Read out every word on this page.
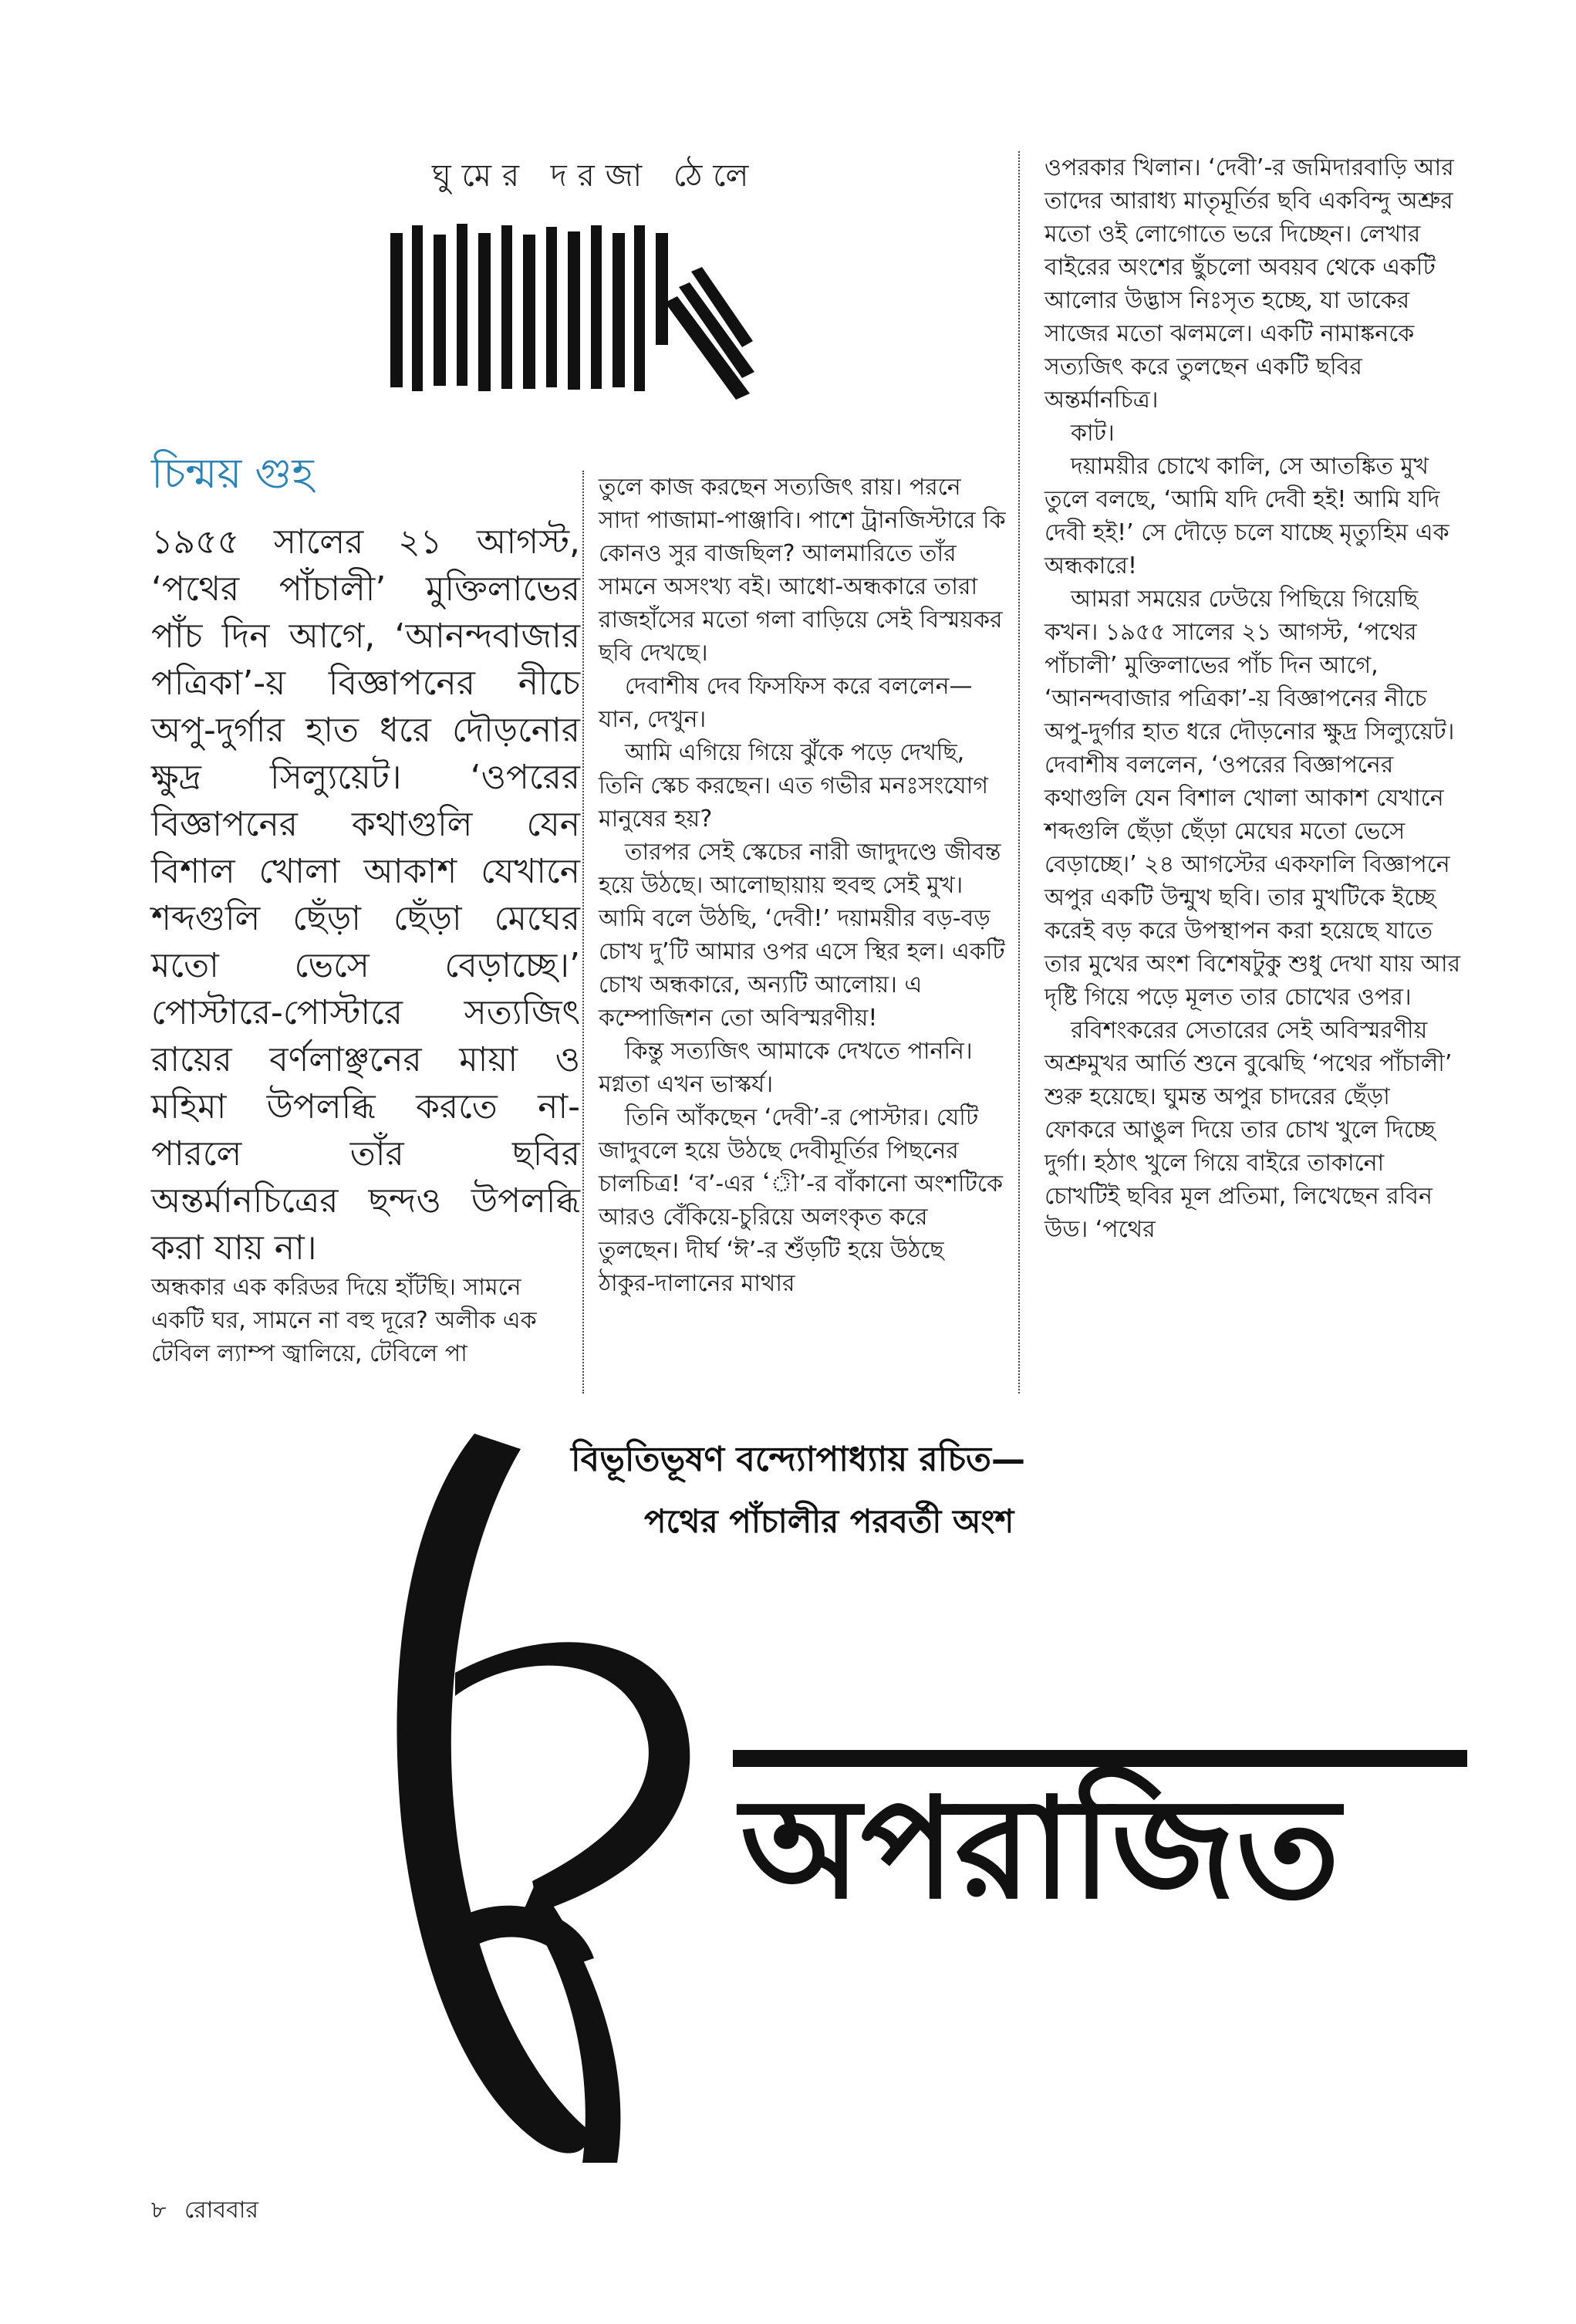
ঘুমের দরজা ঠেলে
চিন্ময় গুহ

১৯৫৫ সালের ২১ আগস্ট, ‘পথের পাঁচালী’ মুক্তিলাভের পাঁচ দিন আগে, ‘আনন্দবাজার পত্রিকা’-য় বিজ্ঞাপনের নীচে অপু-দুর্গার হাত ধরে দৌড়নোর ক্ষুদ্র সিল্যুয়েট। ‘ওপরের বিজ্ঞাপনের কথাগুলি যেন বিশাল খোলা আকাশ যেখানে শব্দগুলি ছেঁড়া ছেঁড়া মেঘের মতো ভেসে বেড়াচ্ছে।’ পোস্টারে-পোস্টারে সত্যজিৎ রায়ের বর্ণলাঞ্ছনের মায়া ও মহিমা উপলব্ধি করতে না-পারলে তাঁর ছবির অন্তর্মানচিত্রের ছন্দও উপলব্ধি করা যায় না।

অন্ধকার এক করিডর দিয়ে হাঁটছি। সামনে একটি ঘর, সামনে না বহু দূরে? অলীক এক টেবিল ল্যাম্প জ্বালিয়ে, টেবিলে পা

তুলে কাজ করছেন সত্যজিৎ রায়। পরনে সাদা পাজামা-পাঞ্জাবি। পাশে ট্রানজিস্টারে কি কোনও সুর বাজছিল? আলমারিতে তাঁর সামনে অসংখ্য বই। আধো-অন্ধকারে তারা রাজহাঁসের মতো গলা বাড়িয়ে সেই বিস্ময়কর ছবি দেখছে।

দেবাশীষ দেব ফিসফিস করে বললেন—যান, দেখুন।

আমি এগিয়ে গিয়ে ঝুঁকে পড়ে দেখছি, তিনি স্কেচ করছেন। এত গভীর মনঃসংযোগ মানুষের হয়?

তারপর সেই স্কেচের নারী জাদুদণ্ডে জীবন্ত হয়ে উঠছে। আলোছায়ায় হুবহু সেই মুখ। আমি বলে উঠছি, ‘দেবী!’ দয়াময়ীর বড়-বড় চোখ দু’টি আমার ওপর এসে স্থির হল। একটি চোখ অন্ধকারে, অন্যটি আলোয়। এ কম্পোজিশন তো অবিস্মরণীয়!

কিন্তু সত্যজিৎ আমাকে দেখতে পাননি। মগ্নতা এখন ভাস্কর্য।

তিনি আঁকছেন ‘দেবী’-র পোস্টার। যেটি জাদুবলে হয়ে উঠছে দেবীমূর্তির পিছনের চালচিত্র! ‘ব’-এর ‘ী’-র বাঁকানো অংশটিকে আরও বেঁকিয়ে-চুরিয়ে অলংকৃত করে তুলছেন। দীর্ঘ ‘ঈ’-র শুঁড়টি হয়ে উঠছে ঠাকুর-দালানের মাথার

ওপরকার খিলান। ‘দেবী’-র জমিদারবাড়ি আর তাদের আরাধ্য মাতৃমূর্তির ছবি একবিন্দু অশ্রুর মতো ওই লোগোতে ভরে দিচ্ছেন। লেখার বাইরের অংশের ছুঁচলো অবয়ব থেকে একটি আলোর উদ্ভাস নিঃসৃত হচ্ছে, যা ডাকের সাজের মতো ঝলমলে। একটি নামাঙ্কনকে সত্যজিৎ করে তুলছেন একটি ছবির অন্তর্মানচিত্র।

কাট।

দয়াময়ীর চোখে কালি, সে আতঙ্কিত মুখ তুলে বলছে, ‘আমি যদি দেবী হই! আমি যদি দেবী হই!’ সে দৌড়ে চলে যাচ্ছে মৃত্যুহিম এক অন্ধকারে!

আমরা সময়ের ঢেউয়ে পিছিয়ে গিয়েছি কখন। ১৯৫৫ সালের ২১ আগস্ট, ‘পথের পাঁচালী’ মুক্তিলাভের পাঁচ দিন আগে, ‘আনন্দবাজার পত্রিকা’-য় বিজ্ঞাপনের নীচে অপু-দুর্গার হাত ধরে দৌড়নোর ক্ষুদ্র সিল্যুয়েট। দেবাশীষ বললেন, ‘ওপরের বিজ্ঞাপনের কথাগুলি যেন বিশাল খোলা আকাশ যেখানে শব্দগুলি ছেঁড়া ছেঁড়া মেঘের মতো ভেসে বেড়াচ্ছে।’ ২৪ আগস্টের একফালি বিজ্ঞাপনে অপুর একটি উন্মুখ ছবি। তার মুখটিকে ইচ্ছে করেই বড় করে উপস্থাপন করা হয়েছে যাতে তার মুখের অংশ বিশেষটুকু শুধু দেখা যায় আর দৃষ্টি গিয়ে পড়ে মূলত তার চোখের ওপর।

রবিশংকরের সেতারের সেই অবিস্মরণীয় অশ্রুমুখর আর্তি শুনে বুঝেছি ‘পথের পাঁচালী’ শুরু হয়েছে। ঘুমন্ত অপুর চাদরের ছেঁড়া ফোকরে আঙুল দিয়ে তার চোখ খুলে দিচ্ছে দুর্গা। হঠাৎ খুলে গিয়ে বাইরে তাকানো চোখটিই ছবির মূল প্রতিমা, লিখেছেন রবিন উড। ‘পথের

বিভূতিভূষণ বন্দ্যোপাধ্যায় রচিত—
পথের পাঁচালীর পরবর্তী অংশ
অপরাজিত
৮ রোববার
